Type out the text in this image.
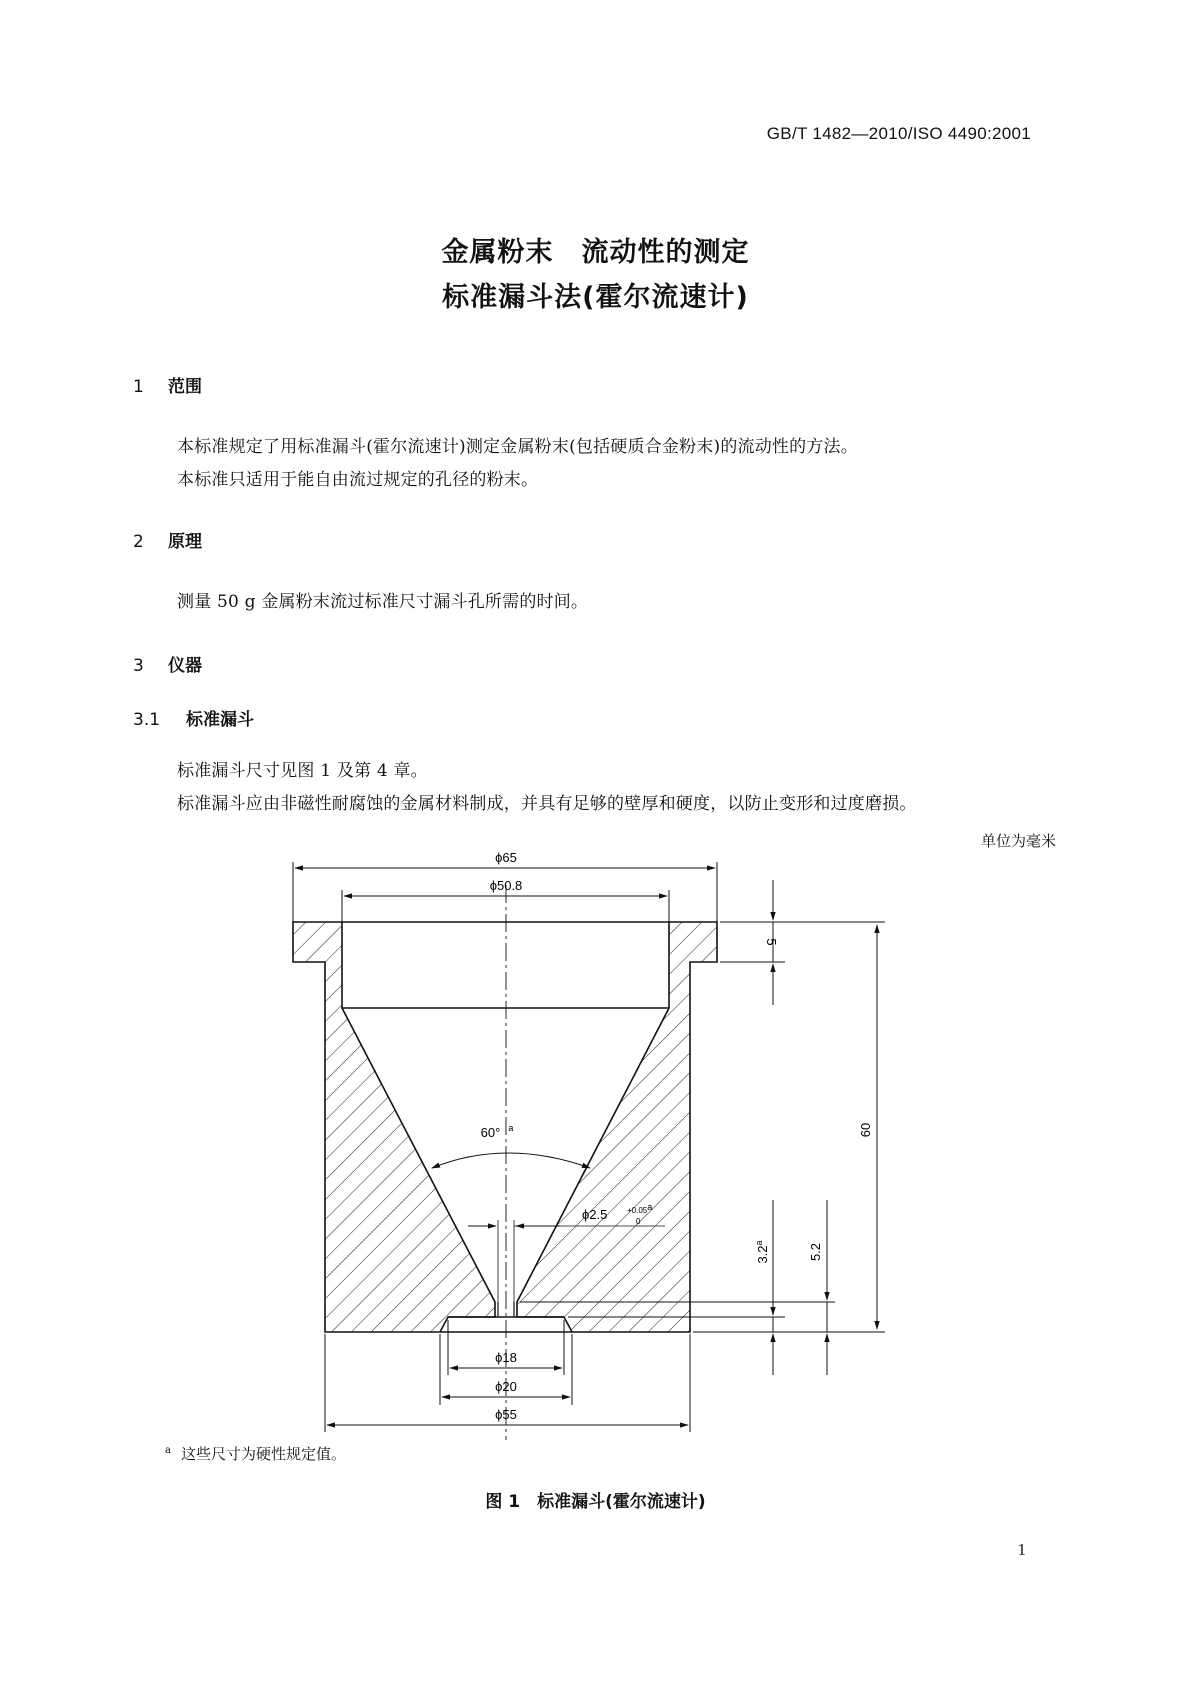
GB/T 1482—2010/ISO 4490:2001
金属粉末　流动性的测定
标准漏斗法(霍尔流速计)
1 范围
本标准规定了用标准漏斗(霍尔流速计)测定金属粉末(包括硬质合金粉末)的流动性的方法。
本标准只适用于能自由流过规定的孔径的粉末。
2 原理
测量 50 g 金属粉末流过标准尺寸漏斗孔所需的时间。
3 仪器
3.1 标准漏斗
标准漏斗尺寸见图 1 及第 4 章。
标准漏斗应由非磁性耐腐蚀的金属材料制成，并具有足够的壁厚和硬度，以防止变形和过度磨损。
单位为毫米
ϕ65
ϕ50.8
5
60
3.2$^a$	5.2
60° $^a$
ϕ2.5 +0.05a
0
ϕ18
ϕ20
ϕ55
$^a$ 这些尺寸为硬性规定值。
图 1　标准漏斗(霍尔流速计)
1
